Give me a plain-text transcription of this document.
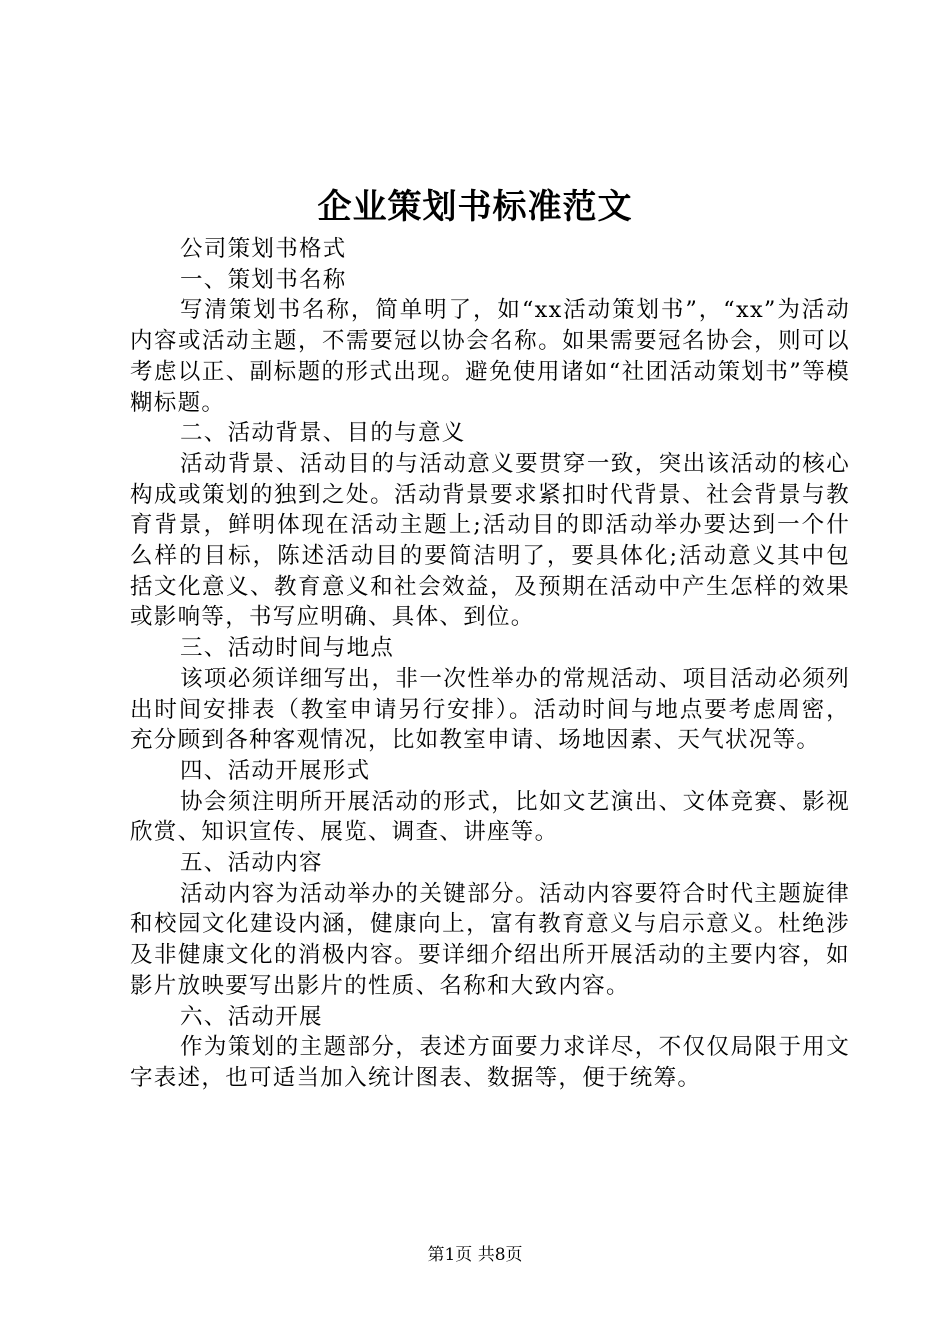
企业策划书标准范文

公司策划书格式

一、策划书名称

写清策划书名称，简单明了，如“xx活动策划书”，“xx”为活动内容或活动主题，不需要冠以协会名称。如果需要冠名协会，则可以考虑以正、副标题的形式出现。避免使用诸如“社团活动策划书”等模糊标题。

二、活动背景、目的与意义

活动背景、活动目的与活动意义要贯穿一致，突出该活动的核心构成或策划的独到之处。活动背景要求紧扣时代背景、社会背景与教育背景，鲜明体现在活动主题上;活动目的即活动举办要达到一个什么样的目标，陈述活动目的要简洁明了，要具体化;活动意义其中包括文化意义、教育意义和社会效益，及预期在活动中产生怎样的效果或影响等，书写应明确、具体、到位。

三、活动时间与地点

该项必须详细写出，非一次性举办的常规活动、项目活动必须列出时间安排表（教室申请另行安排）。活动时间与地点要考虑周密，充分顾到各种客观情况，比如教室申请、场地因素、天气状况等。

四、活动开展形式

协会须注明所开展活动的形式，比如文艺演出、文体竞赛、影视欣赏、知识宣传、展览、调查、讲座等。

五、活动内容

活动内容为活动举办的关键部分。活动内容要符合时代主题旋律和校园文化建设内涵，健康向上，富有教育意义与启示意义。杜绝涉及非健康文化的消极内容。要详细介绍出所开展活动的主要内容，如影片放映要写出影片的性质、名称和大致内容。

六、活动开展

作为策划的主题部分，表述方面要力求详尽，不仅仅局限于用文字表述，也可适当加入统计图表、数据等，便于统筹。

第1页 共8页
